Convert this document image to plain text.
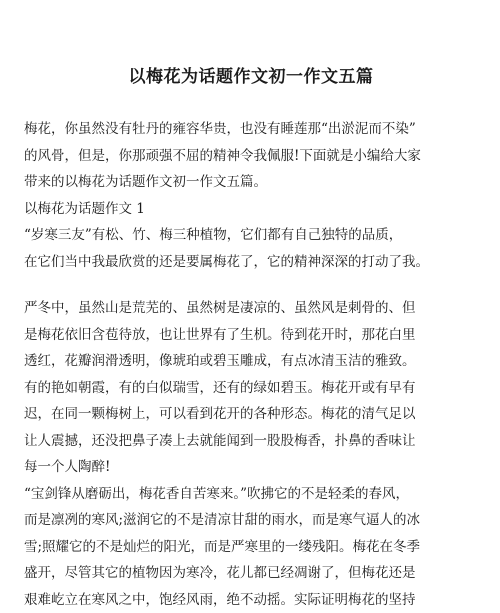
以梅花为话题作文初一作文五篇
梅花，你虽然没有牡丹的雍容华贵，也没有睡莲那“出淤泥而不染”
的风骨，但是，你那顽强不屈的精神令我佩服!下面就是小编给大家
带来的以梅花为话题作文初一作文五篇。
以梅花为话题作文 1
“岁寒三友”有松、竹、梅三种植物，它们都有自己独特的品质，
在它们当中我最欣赏的还是要属梅花了，它的精神深深的打动了我。
严冬中，虽然山是荒芜的、虽然树是凄凉的、虽然风是刺骨的、但
是梅花依旧含苞待放，也让世界有了生机。待到花开时，那花白里
透红，花瓣润滑透明，像琥珀或碧玉雕成，有点冰清玉洁的雅致。
有的艳如朝霞，有的白似瑞雪，还有的绿如碧玉。梅花开或有早有
迟，在同一颗梅树上，可以看到花开的各种形态。梅花的清气足以
让人震撼，还没把鼻子凑上去就能闻到一股股梅香，扑鼻的香味让
每一个人陶醉!
“宝剑锋从磨砺出，梅花香自苦寒来。”吹拂它的不是轻柔的春风，
而是凛冽的寒风;滋润它的不是清凉甘甜的雨水，而是寒气逼人的冰
雪;照耀它的不是灿烂的阳光，而是严寒里的一缕残阳。梅花在冬季
盛开，尽管其它的植物因为寒冷，花儿都已经凋谢了，但梅花还是
艰难屹立在寒风之中，饱经风雨，绝不动摇。实际证明梅花的坚持
